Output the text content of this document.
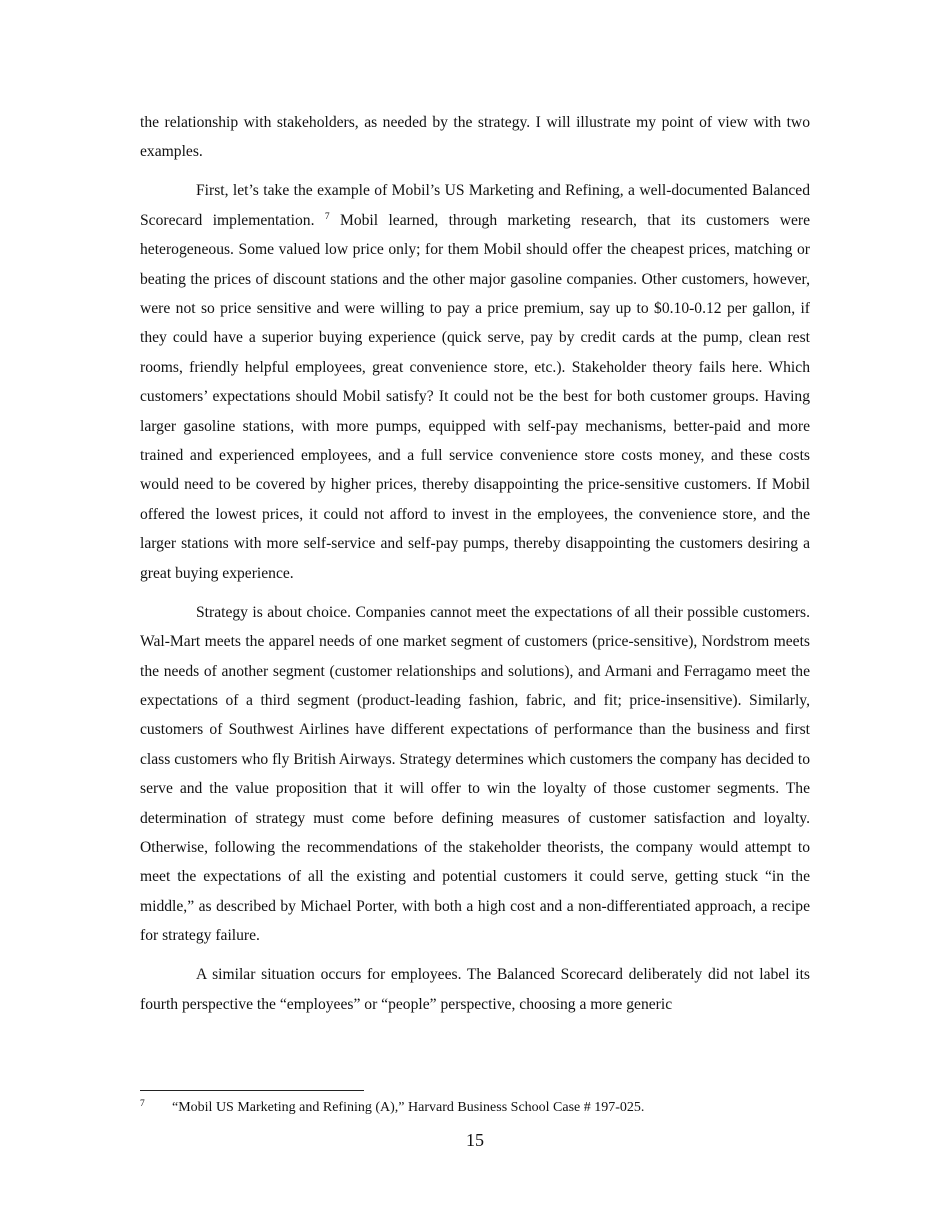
the relationship with stakeholders, as needed by the strategy. I will illustrate my point of view with two examples.

First, let’s take the example of Mobil’s US Marketing and Refining, a well-documented Balanced Scorecard implementation. $^7$ Mobil learned, through marketing research, that its customers were heterogeneous. Some valued low price only; for them Mobil should offer the cheapest prices, matching or beating the prices of discount stations and the other major gasoline companies. Other customers, however, were not so price sensitive and were willing to pay a price premium, say up to $0.10-0.12 per gallon, if they could have a superior buying experience (quick serve, pay by credit cards at the pump, clean rest rooms, friendly helpful employees, great convenience store, etc.). Stakeholder theory fails here. Which customers’ expectations should Mobil satisfy? It could not be the best for both customer groups. Having larger gasoline stations, with more pumps, equipped with self-pay mechanisms, better-paid and more trained and experienced employees, and a full service convenience store costs money, and these costs would need to be covered by higher prices, thereby disappointing the price-sensitive customers. If Mobil offered the lowest prices, it could not afford to invest in the employees, the convenience store, and the larger stations with more self-service and self-pay pumps, thereby disappointing the customers desiring a great buying experience.

Strategy is about choice. Companies cannot meet the expectations of all their possible customers. Wal-Mart meets the apparel needs of one market segment of customers (price-sensitive), Nordstrom meets the needs of another segment (customer relationships and solutions), and Armani and Ferragamo meet the expectations of a third segment (product-leading fashion, fabric, and fit; price-insensitive). Similarly, customers of Southwest Airlines have different expectations of performance than the business and first class customers who fly British Airways. Strategy determines which customers the company has decided to serve and the value proposition that it will offer to win the loyalty of those customer segments. The determination of strategy must come before defining measures of customer satisfaction and loyalty. Otherwise, following the recommendations of the stakeholder theorists, the company would attempt to meet the expectations of all the existing and potential customers it could serve, getting stuck “in the middle,” as described by Michael Porter, with both a high cost and a non-differentiated approach, a recipe for strategy failure.

A similar situation occurs for employees. The Balanced Scorecard deliberately did not label its fourth perspective the “employees” or “people” perspective, choosing a more generic

7 “Mobil US Marketing and Refining (A),” Harvard Business School Case # 197-025.
15
